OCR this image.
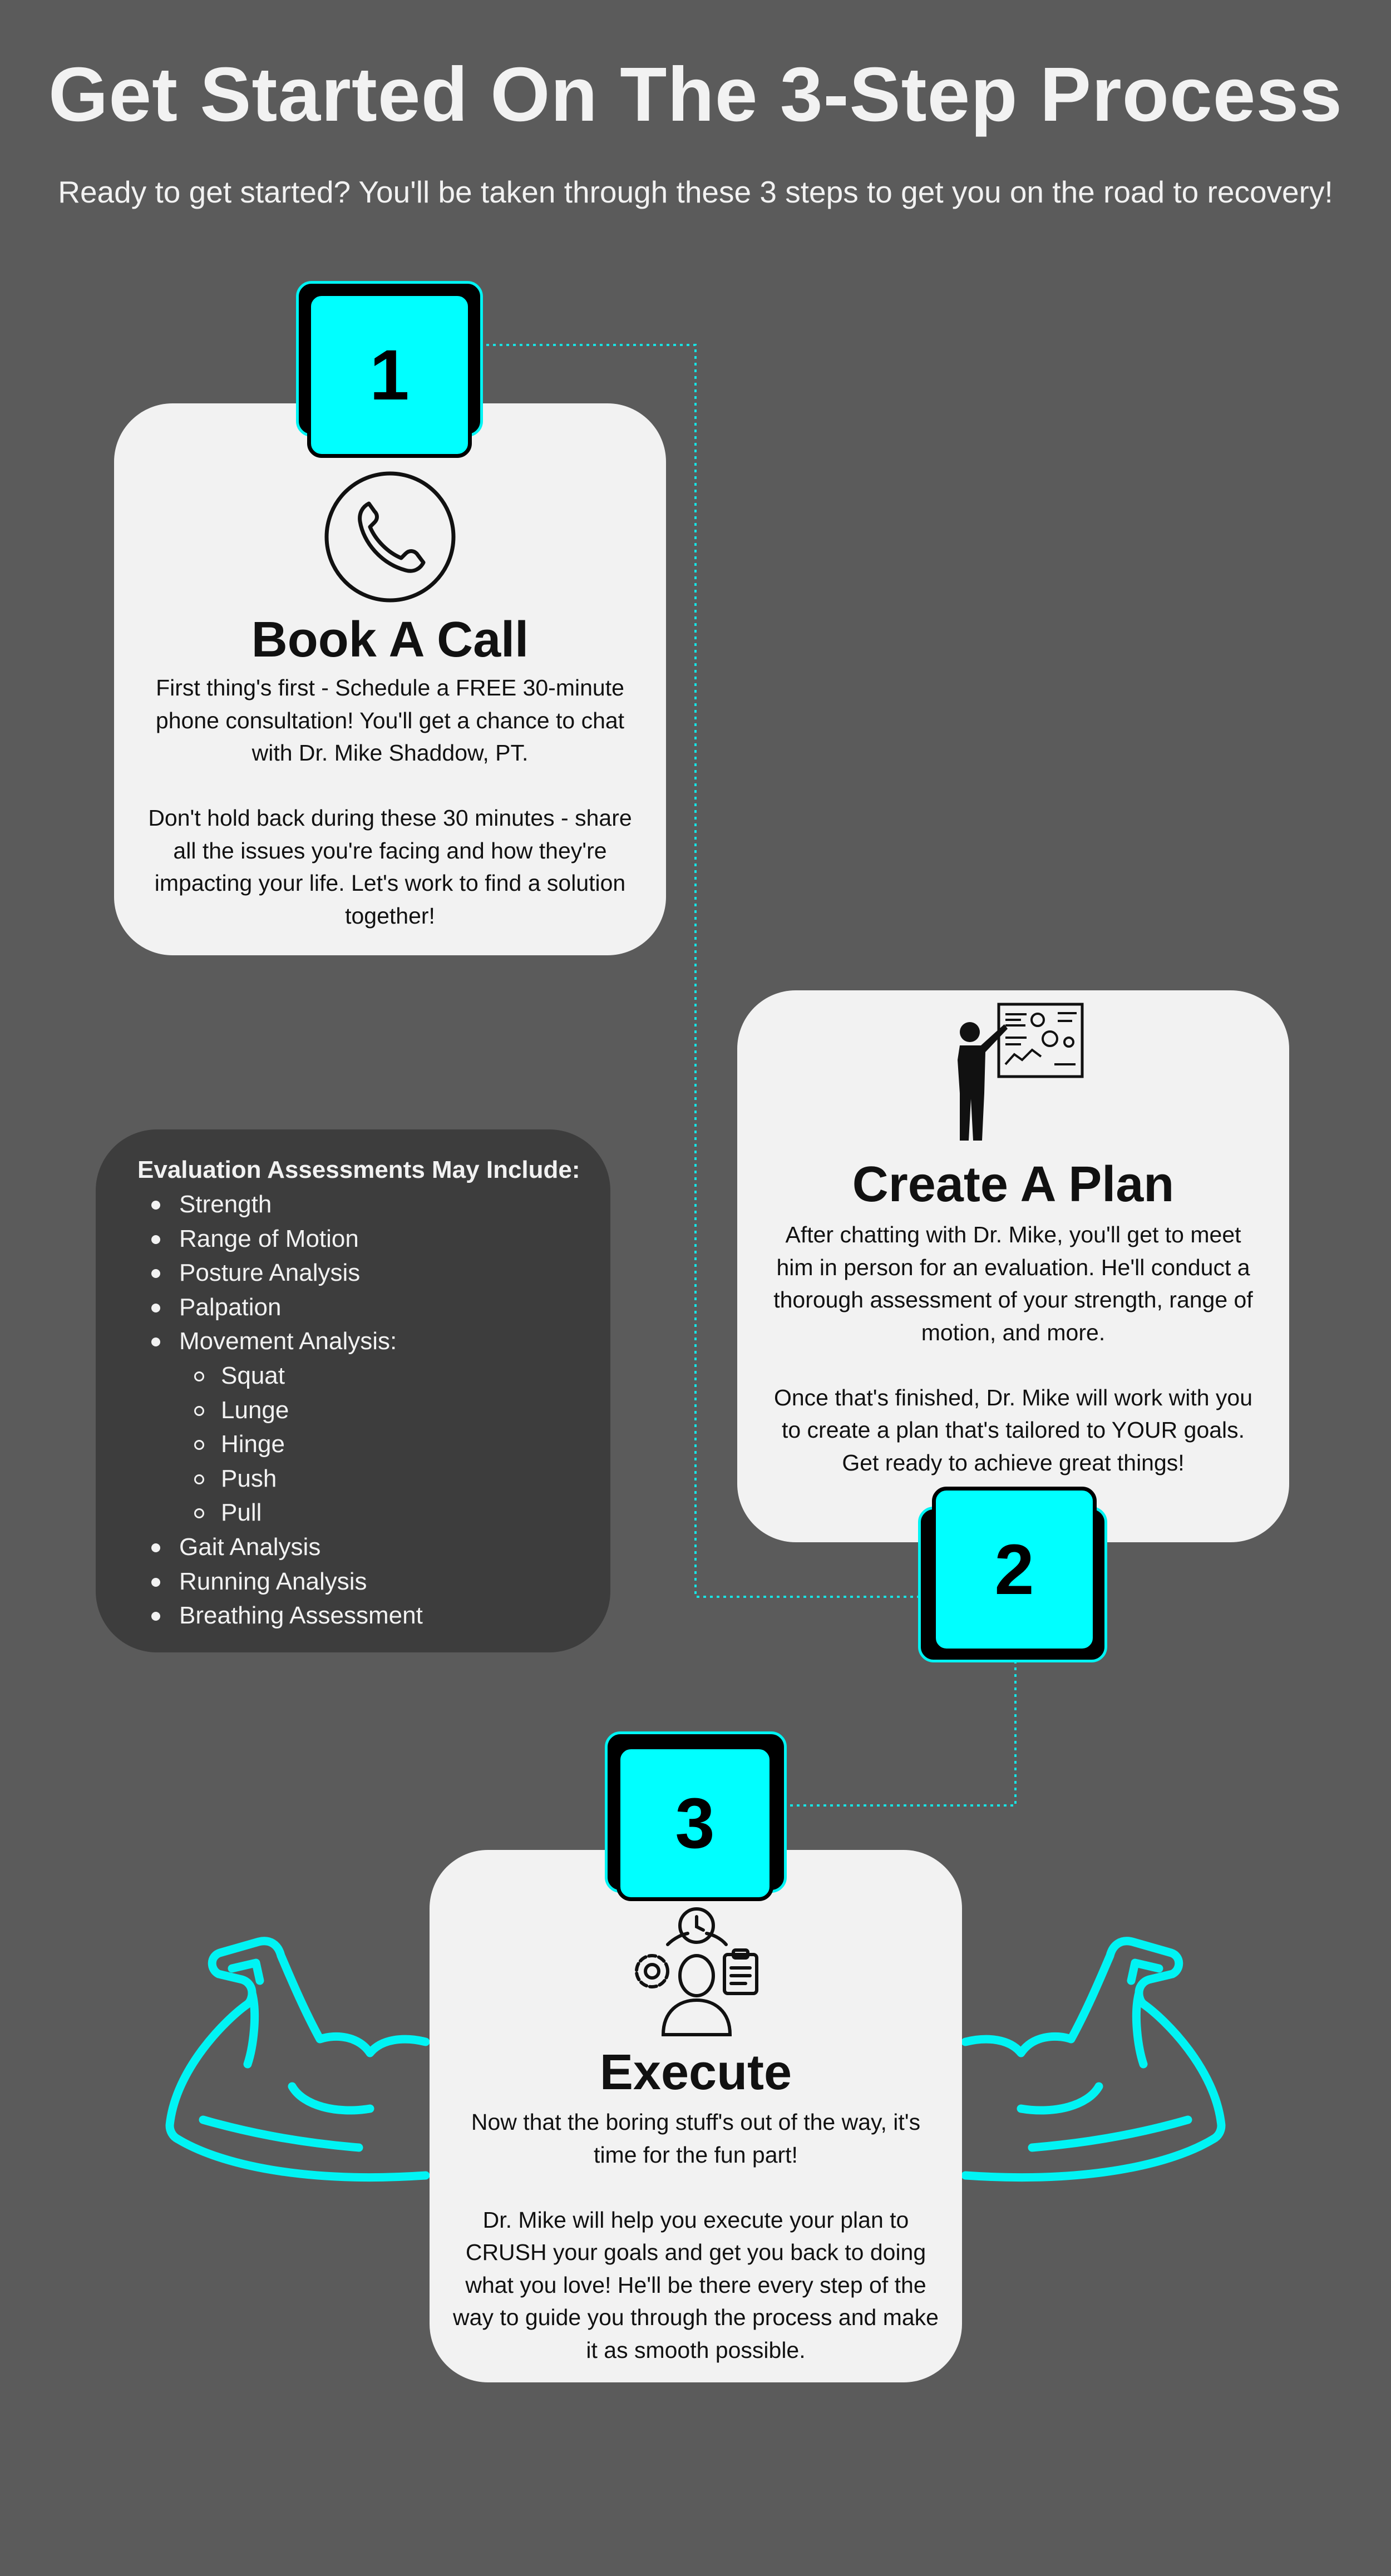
Get Started On The 3-Step Process
Ready to get started? You'll be taken through these 3 steps to get you on the road to recovery!
Book A Call
First thing's first - Schedule a FREE 30-minute phone consultation! You'll get a chance to chat with Dr. Mike Shaddow, PT.

Don't hold back during these 30 minutes - share all the issues you're facing and how they're impacting your life. Let's work to find a solution together!
1
Create A Plan
After chatting with Dr. Mike, you'll get to meet him in person for an evaluation. He'll conduct a thorough assessment of your strength, range of motion, and more.

Once that's finished, Dr. Mike will work with you to create a plan that's tailored to YOUR goals. Get ready to achieve great things!
2
Evaluation Assessments May Include:
Strength
Range of Motion
Posture Analysis
Palpation
Movement Analysis:
Squat
Lunge
Hinge
Push
Pull
Gait Analysis
Running Analysis
Breathing Assessment
Execute
Now that the boring stuff's out of the way, it's time for the fun part!

Dr. Mike will help you execute your plan to CRUSH your goals and get you back to doing what you love! He'll be there every step of the way to guide you through the process and make it as smooth possible.
3
